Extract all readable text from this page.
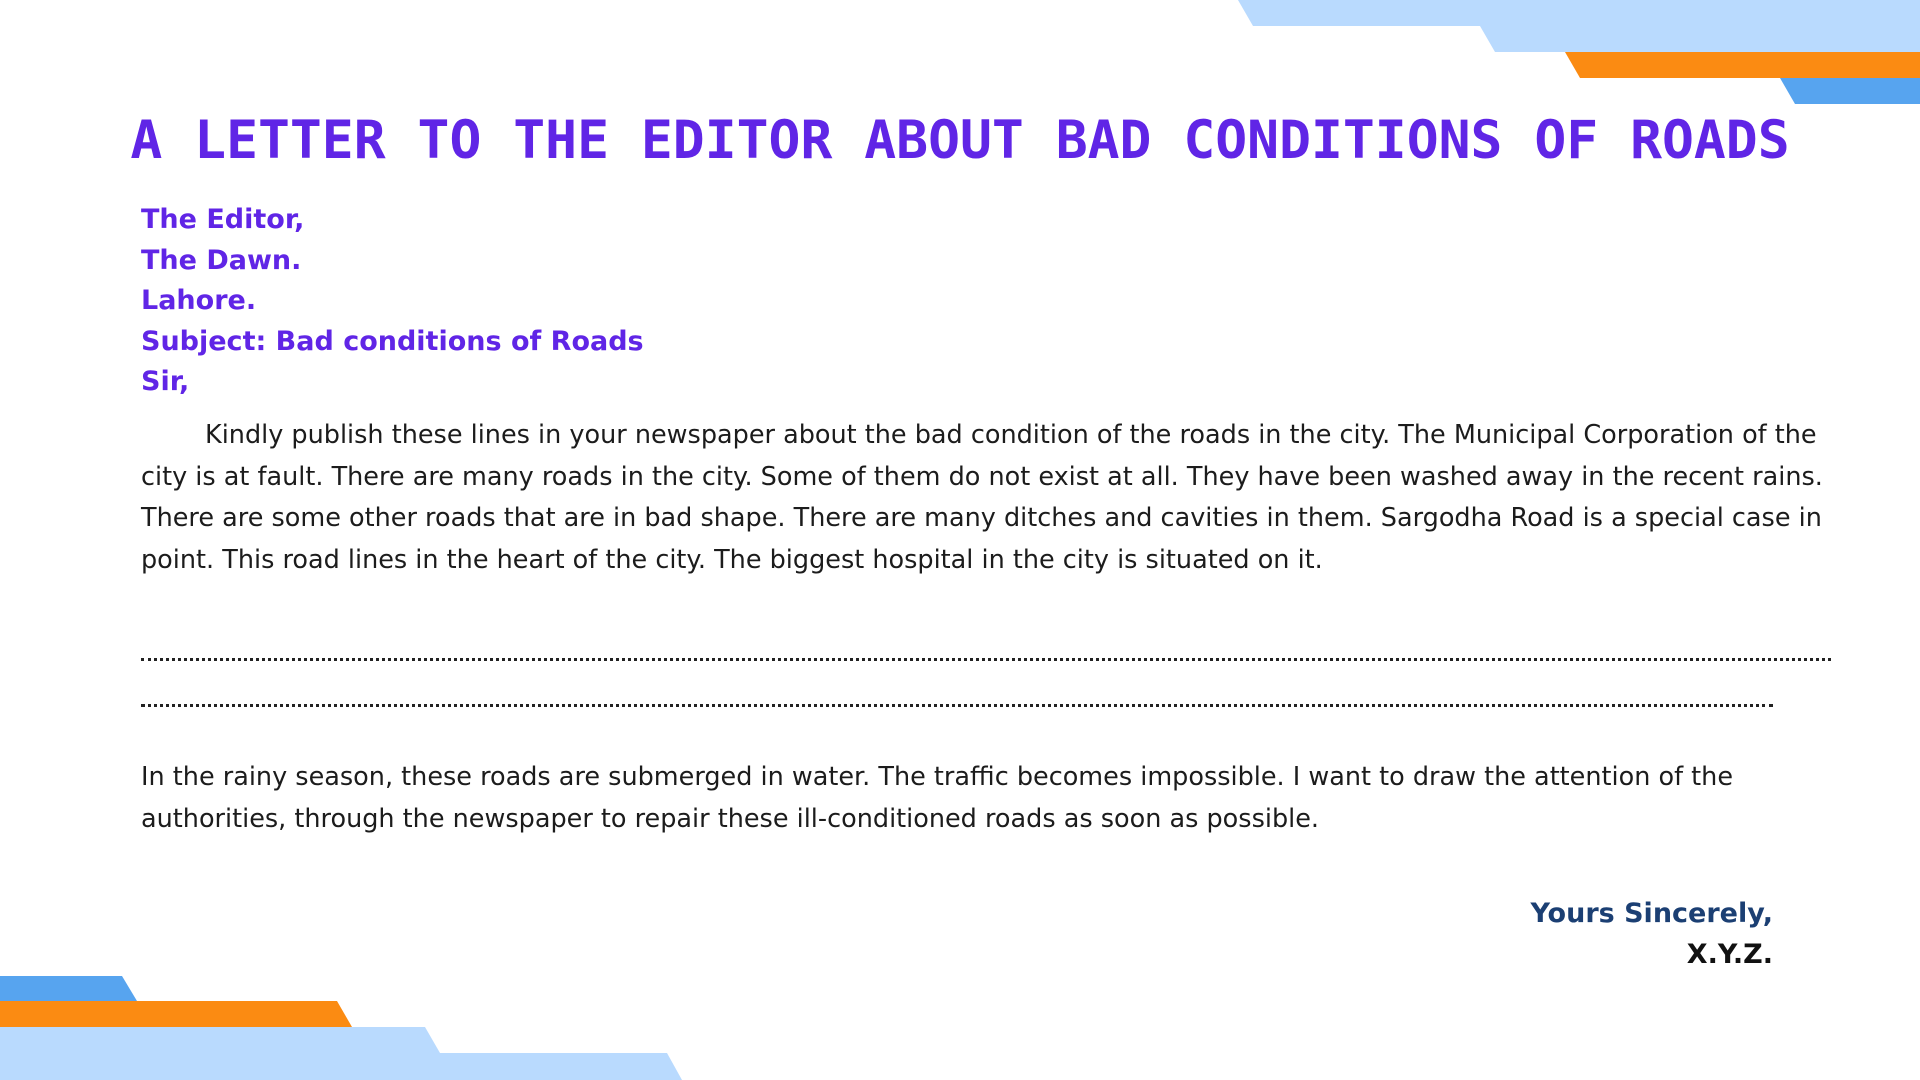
A LETTER TO THE EDITOR ABOUT BAD CONDITIONS OF ROADS
The Editor,
The Dawn.
Lahore.
Subject: Bad conditions of Roads
Sir,

Kindly publish these lines in your newspaper about the bad condition of the roads in the city. The Municipal Corporation of the city is at fault. There are many roads in the city. Some of them do not exist at all. They have been washed away in the recent rains. There are some other roads that are in bad shape. There are many ditches and cavities in them. Sargodha Road is a special case in point. This road lines in the heart of the city. The biggest hospital in the city is situated on it.

In the rainy season, these roads are submerged in water. The traffic becomes impossible. I want to draw the attention of the authorities, through the newspaper to repair these ill-conditioned roads as soon as possible.

Yours Sincerely,

X.Y.Z.
